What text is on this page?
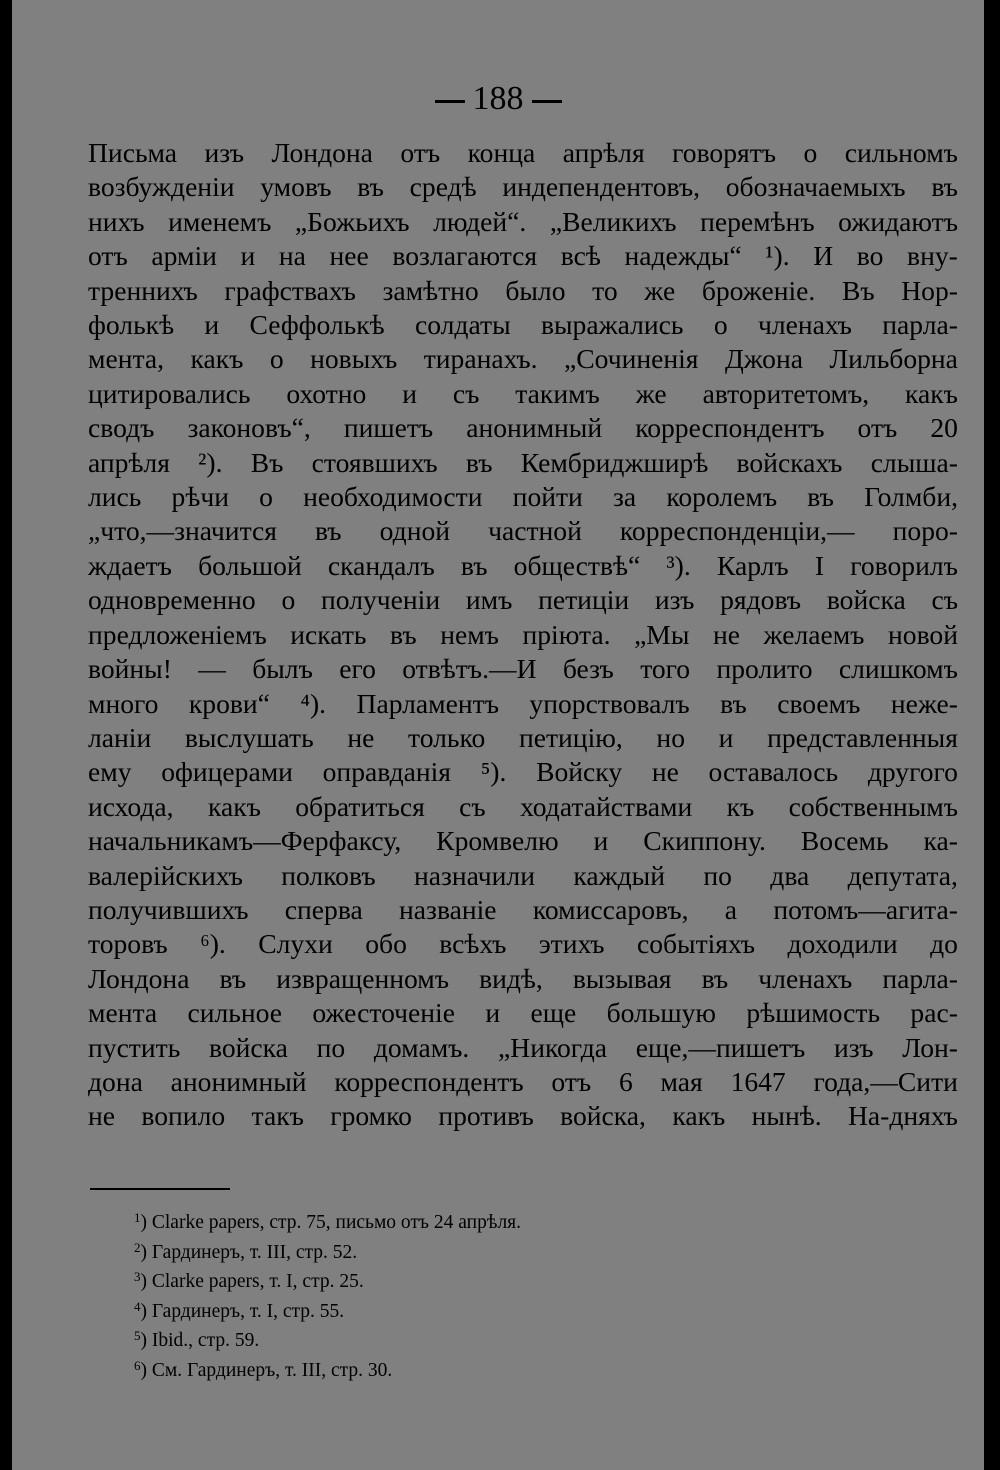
188
Письма изъ Лондона отъ конца апрѣля говорятъ о сильномъ
возбужденіи умовъ въ средѣ индепендентовъ, обозначаемыхъ въ
нихъ именемъ „Божьихъ людей“. „Великихъ перемѣнъ ожидаютъ
отъ арміи и на нее возлагаются всѣ надежды“ ¹). И во вну-
треннихъ графствахъ замѣтно было то же броженіе. Въ Нор-
фолькѣ и Сеффолькѣ солдаты выражались о членахъ парла-
мента, какъ о новыхъ тиранахъ. „Сочиненія Джона Лильборна
цитировались охотно и съ такимъ же авторитетомъ, какъ
сводъ законовъ“, пишетъ анонимный корреспондентъ отъ 20
апрѣля ²). Въ стоявшихъ въ Кембриджширѣ войскахъ слыша-
лись рѣчи о необходимости пойти за королемъ въ Голмби,
„что,—значится въ одной частной корреспонденціи,— поро-
ждаетъ большой скандалъ въ обществѣ“ ³). Карлъ I говорилъ
одновременно о полученіи имъ петиціи изъ рядовъ войска съ
предложеніемъ искать въ немъ пріюта. „Мы не желаемъ новой
войны! — былъ его отвѣтъ.—И безъ того пролито слишкомъ
много крови“ ⁴). Парламентъ упорствовалъ въ своемъ неже-
ланіи выслушать не только петицію, но и представленныя
ему офицерами оправданія ⁵). Войску не оставалось другого
исхода, какъ обратиться съ ходатайствами къ собственнымъ
начальникамъ—Ферфаксу, Кромвелю и Скиппону. Восемь ка-
валерійскихъ полковъ назначили каждый по два депутата,
получившихъ сперва названіе комиссаровъ, а потомъ—агита-
торовъ ⁶). Слухи обо всѣхъ этихъ событіяхъ доходили до
Лондона въ извращенномъ видѣ, вызывая въ членахъ парла-
мента сильное ожесточеніе и еще большую рѣшимость рас-
пустить войска по домамъ. „Никогда еще,—пишетъ изъ Лон-
дона анонимный корреспондентъ отъ 6 мая 1647 года,—Сити
не вопило такъ громко противъ войска, какъ нынѣ. На-дняхъ
$^1$) Clarke papers, стр. 75, письмо отъ 24 апрѣля.
$^2$) Гардинеръ, т. III, стр. 52.
$^3$) Clarke papers, т. I, стр. 25.
$^4$) Гардинеръ, т. I, стр. 55.
$^5$) Ibid., стр. 59.
$^6$) См. Гардинеръ, т. III, стр. 30.
